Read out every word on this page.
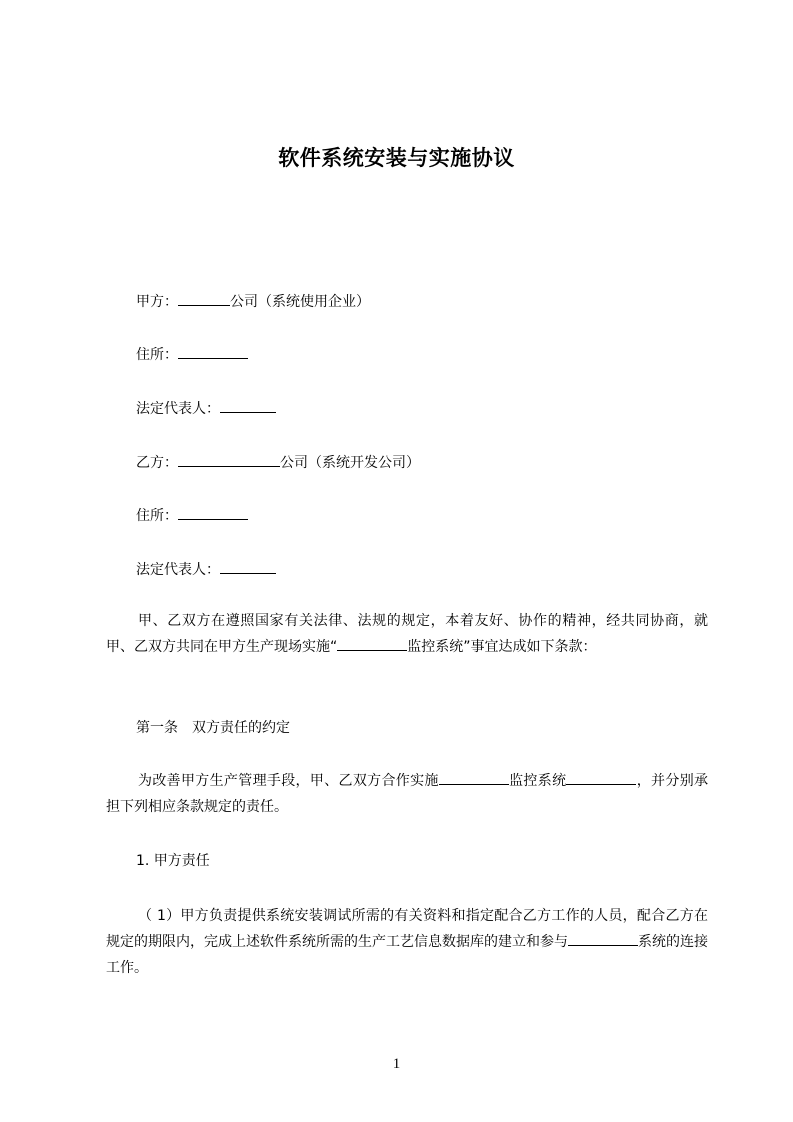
软件系统安装与实施协议
甲方：	公司（系统使用企业）
住所：
法定代表人：
乙方：	公司（系统开发公司）
住所：
法定代表人：
甲、乙双方在遵照国家有关法律、法规的规定，本着友好、协作的精神，经共同协商，就甲、乙双方共同在甲方生产现场实施“	监控系统”事宜达成如下条款：
第一条 双方责任的约定
为改善甲方生产管理手段，甲、乙双方合作实施	监控系统	，并分别承担下列相应条款规定的责任。
1. 甲方责任
（ 1）甲方负责提供系统安装调试所需的有关资料和指定配合乙方工作的人员，配合乙方在规定的期限内，完成上述软件系统所需的生产工艺信息数据库的建立和参与	系统的连接工作。
1
